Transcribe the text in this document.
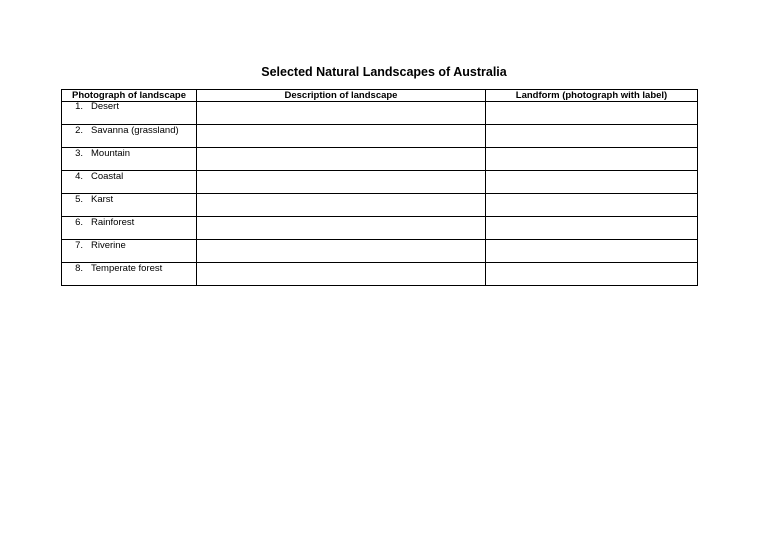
Selected Natural Landscapes of Australia
Photograph of landscape	Description of landscape	Landform (photograph with label)
1. Desert		
2. Savanna (grassland)		
3. Mountain		
4. Coastal		
5. Karst		
6. Rainforest		
7. Riverine		
8. Temperate forest		
